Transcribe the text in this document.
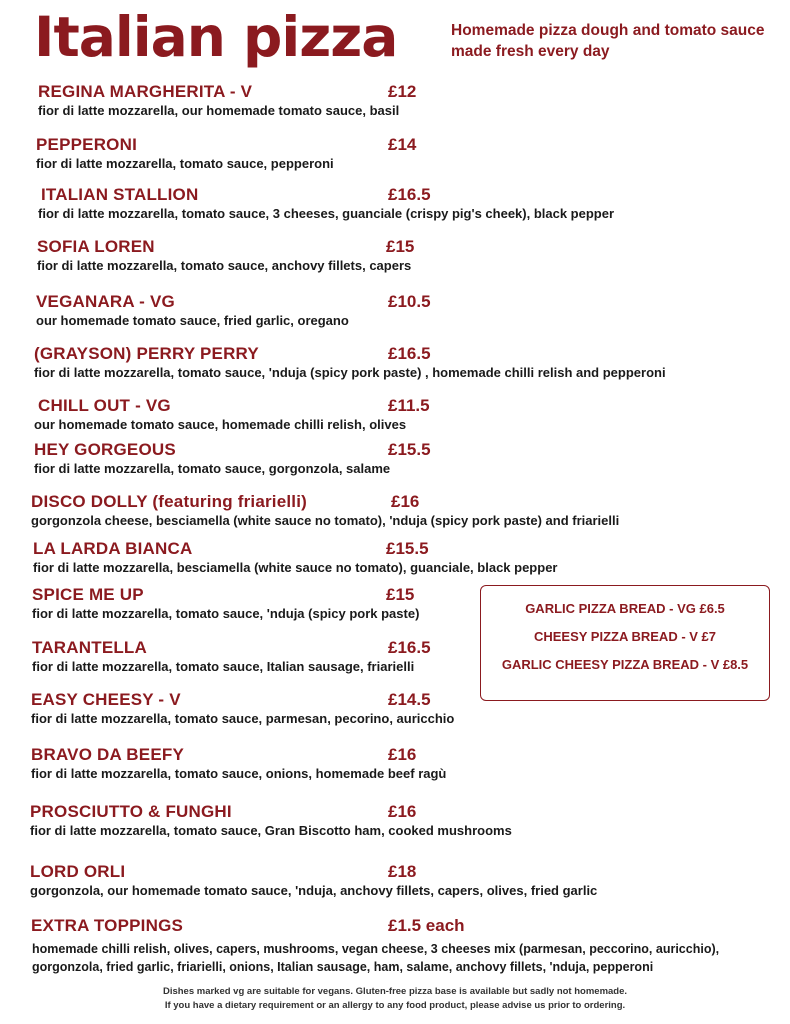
Italian pizza	Homemade pizza dough and tomato sauce
made fresh every day
REGINA MARGHERITA - V	£12
fior di latte mozzarella, our homemade tomato sauce, basil
PEPPERONI	£14
fior di latte mozzarella, tomato sauce, pepperoni
ITALIAN STALLION	£16.5
fior di latte mozzarella, tomato sauce, 3 cheeses, guanciale (crispy pig's cheek), black pepper
SOFIA LOREN	£15
fior di latte mozzarella, tomato sauce, anchovy fillets, capers
VEGANARA - VG	£10.5
our homemade tomato sauce, fried garlic, oregano
(GRAYSON) PERRY PERRY	£16.5
fior di latte mozzarella, tomato sauce, 'nduja (spicy pork paste) , homemade chilli relish and pepperoni
CHILL OUT - VG	£11.5
our homemade tomato sauce, homemade chilli relish, olives
HEY GORGEOUS	£15.5
fior di latte mozzarella, tomato sauce, gorgonzola, salame
DISCO DOLLY (featuring friarielli)	£16
gorgonzola cheese, besciamella (white sauce no tomato), 'nduja (spicy pork paste) and friarielli
LA LARDA BIANCA	£15.5
fior di latte mozzarella, besciamella (white sauce no tomato), guanciale, black pepper
SPICE ME UP	£15
fior di latte mozzarella, tomato sauce, 'nduja (spicy pork paste)
TARANTELLA	£16.5
fior di latte mozzarella, tomato sauce, Italian sausage, friarielli
EASY CHEESY - V	£14.5
fior di latte mozzarella, tomato sauce, parmesan, pecorino, auricchio
BRAVO DA BEEFY	£16
fior di latte mozzarella, tomato sauce, onions, homemade beef ragù
PROSCIUTTO & FUNGHI	£16
fior di latte mozzarella, tomato sauce, Gran Biscotto ham, cooked mushrooms
LORD ORLI	£18
gorgonzola, our homemade tomato sauce, 'nduja, anchovy fillets, capers, olives, fried garlic
GARLIC PIZZA BREAD - VG £6.5
CHEESY PIZZA BREAD - V £7
GARLIC CHEESY PIZZA BREAD - V £8.5
EXTRA TOPPINGS	£1.5 each
homemade chilli relish, olives, capers, mushrooms, vegan cheese, 3 cheeses mix (parmesan, peccorino, auricchio),
gorgonzola, fried garlic, friarielli, onions, Italian sausage, ham, salame, anchovy fillets, 'nduja, pepperoni
Dishes marked vg are suitable for vegans. Gluten-free pizza base is available but sadly not homemade.
If you have a dietary requirement or an allergy to any food product, please advise us prior to ordering.
